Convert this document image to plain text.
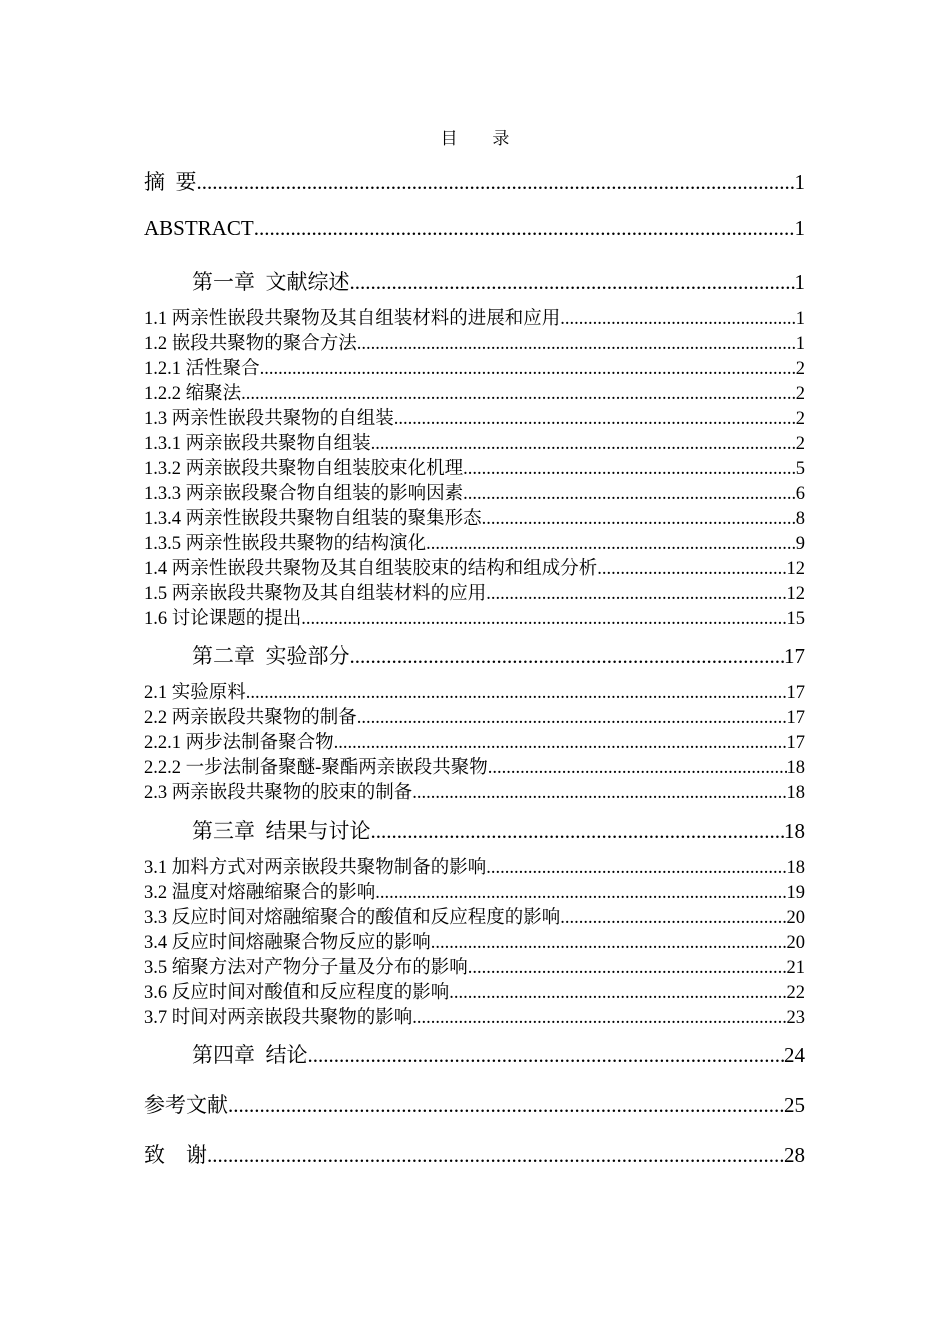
目 录
摘  要 .....	1
ABSTRACT .....	1
第一章  文献综述 .....	1
1.1 两亲性嵌段共聚物及其自组装材料的进展和应用 .....	1
1.2 嵌段共聚物的聚合方法 .....	1
1.2.1 活性聚合 .....	2
1.2.2 缩聚法 .....	2
1.3 两亲性嵌段共聚物的自组装 .....	2
1.3.1 两亲嵌段共聚物自组装 .....	2
1.3.2 两亲嵌段共聚物自组装胶束化机理 .....	5
1.3.3 两亲嵌段聚合物自组装的影响因素 .....	6
1.3.4 两亲性嵌段共聚物自组装的聚集形态 .....	8
1.3.5 两亲性嵌段共聚物的结构演化 .....	9
1.4 两亲性嵌段共聚物及其自组装胶束的结构和组成分析 .....	12
1.5 两亲嵌段共聚物及其自组装材料的应用 .....	12
1.6 讨论课题的提出 .....	15
第二章  实验部分 .....	17
2.1 实验原料 .....	17
2.2 两亲嵌段共聚物的制备 .....	17
2.2.1 两步法制备聚合物 .....	17
2.2.2 一步法制备聚醚-聚酯两亲嵌段共聚物 .....	18
2.3 两亲嵌段共聚物的胶束的制备 .....	18
第三章  结果与讨论 .....	18
3.1 加料方式对两亲嵌段共聚物制备的影响 .....	18
3.2 温度对熔融缩聚合的影响 .....	19
3.3 反应时间对熔融缩聚合的酸值和反应程度的影响 .....	20
3.4 反应时间熔融聚合物反应的影响 .....	20
3.5 缩聚方法对产物分子量及分布的影响 .....	21
3.6 反应时间对酸值和反应程度的影响 .....	22
3.7 时间对两亲嵌段共聚物的影响 .....	23
第四章  结论 .....	24
参考文献 .....	25
致    谢 .....	28
